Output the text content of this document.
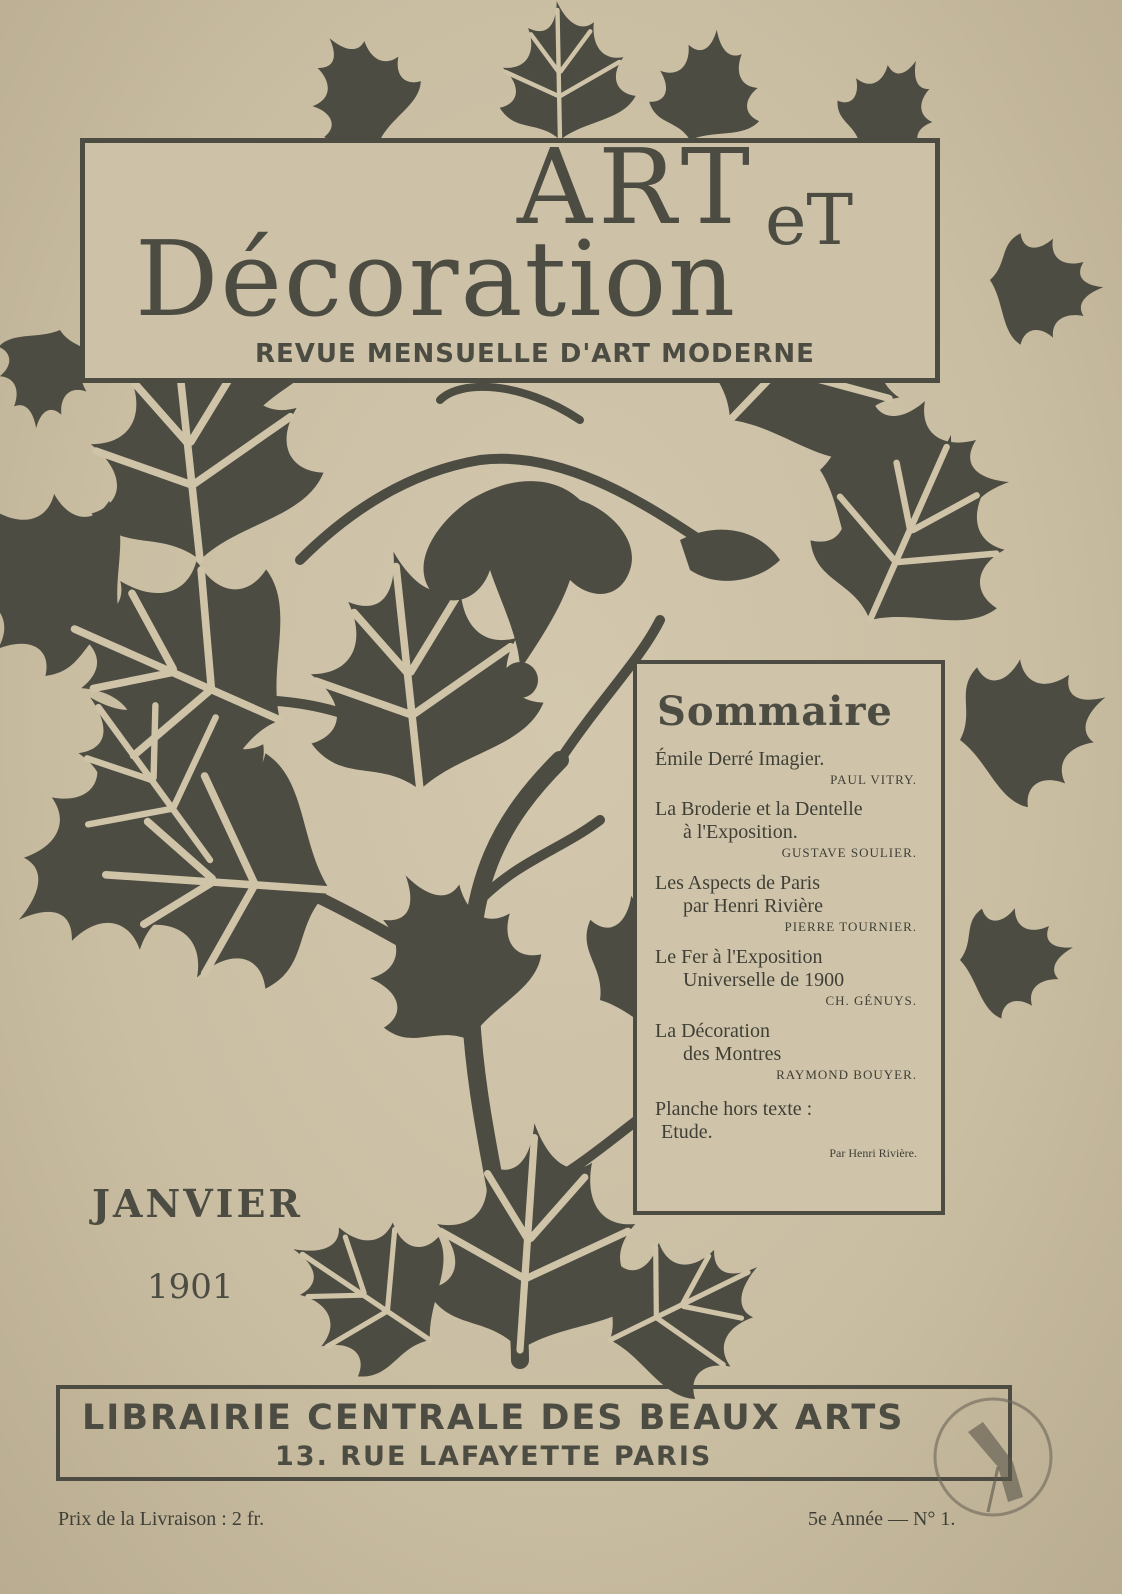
ART eT
Décoration
REVUE MENSUELLE D'ART MODERNE
Sommaire
Émile Derré Imagier.
PAUL VITRY.
La Broderie et la Dentelle
à l'Exposition.
GUSTAVE SOULIER.
Les Aspects de Paris
par Henri Rivière
PIERRE TOURNIER.
Le Fer à l'Exposition
Universelle de 1900
CH. GÉNUYS.
La Décoration
des Montres
RAYMOND BOUYER.
Planche hors texte :
Etude.
Par Henri Rivière.
JANVIER
1901
LIBRAIRIE CENTRALE DES BEAUX ARTS
13. RUE LAFAYETTE PARIS
Prix de la Livraison : 2 fr.	5e Année — N° 1.
